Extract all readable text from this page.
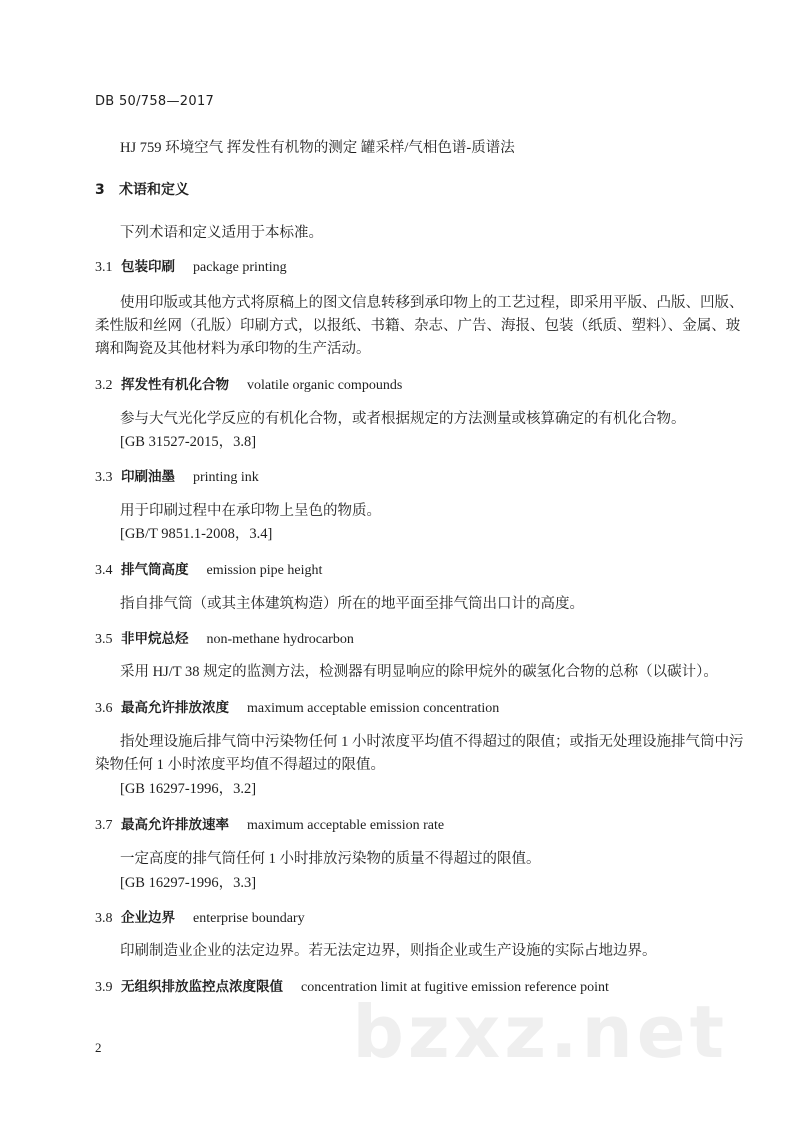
DB 50/758—2017
HJ 759 环境空气 挥发性有机物的测定 罐采样/气相色谱-质谱法
3 术语和定义
下列术语和定义适用于本标准。
3.1 包装印刷 package printing
使用印版或其他方式将原稿上的图文信息转移到承印物上的工艺过程，即采用平版、凸版、凹版、
柔性版和丝网（孔版）印刷方式，以报纸、书籍、杂志、广告、海报、包装（纸质、塑料）、金属、玻
璃和陶瓷及其他材料为承印物的生产活动。
3.2 挥发性有机化合物 volatile organic compounds
参与大气光化学反应的有机化合物，或者根据规定的方法测量或核算确定的有机化合物。
[GB 31527-2015，3.8]
3.3 印刷油墨 printing ink
用于印刷过程中在承印物上呈色的物质。
[GB/T 9851.1-2008，3.4]
3.4 排气筒高度 emission pipe height
指自排气筒（或其主体建筑构造）所在的地平面至排气筒出口计的高度。
3.5 非甲烷总烃 non-methane hydrocarbon
采用 HJ/T 38 规定的监测方法，检测器有明显响应的除甲烷外的碳氢化合物的总称（以碳计）。
3.6 最高允许排放浓度 maximum acceptable emission concentration
指处理设施后排气筒中污染物任何 1 小时浓度平均值不得超过的限值；或指无处理设施排气筒中污
染物任何 1 小时浓度平均值不得超过的限值。
[GB 16297-1996，3.2]
3.7 最高允许排放速率 maximum acceptable emission rate
一定高度的排气筒任何 1 小时排放污染物的质量不得超过的限值。
[GB 16297-1996，3.3]
3.8 企业边界 enterprise boundary
印刷制造业企业的法定边界。若无法定边界，则指企业或生产设施的实际占地边界。
3.9 无组织排放监控点浓度限值 concentration limit at fugitive emission reference point
bzxz.net
2
